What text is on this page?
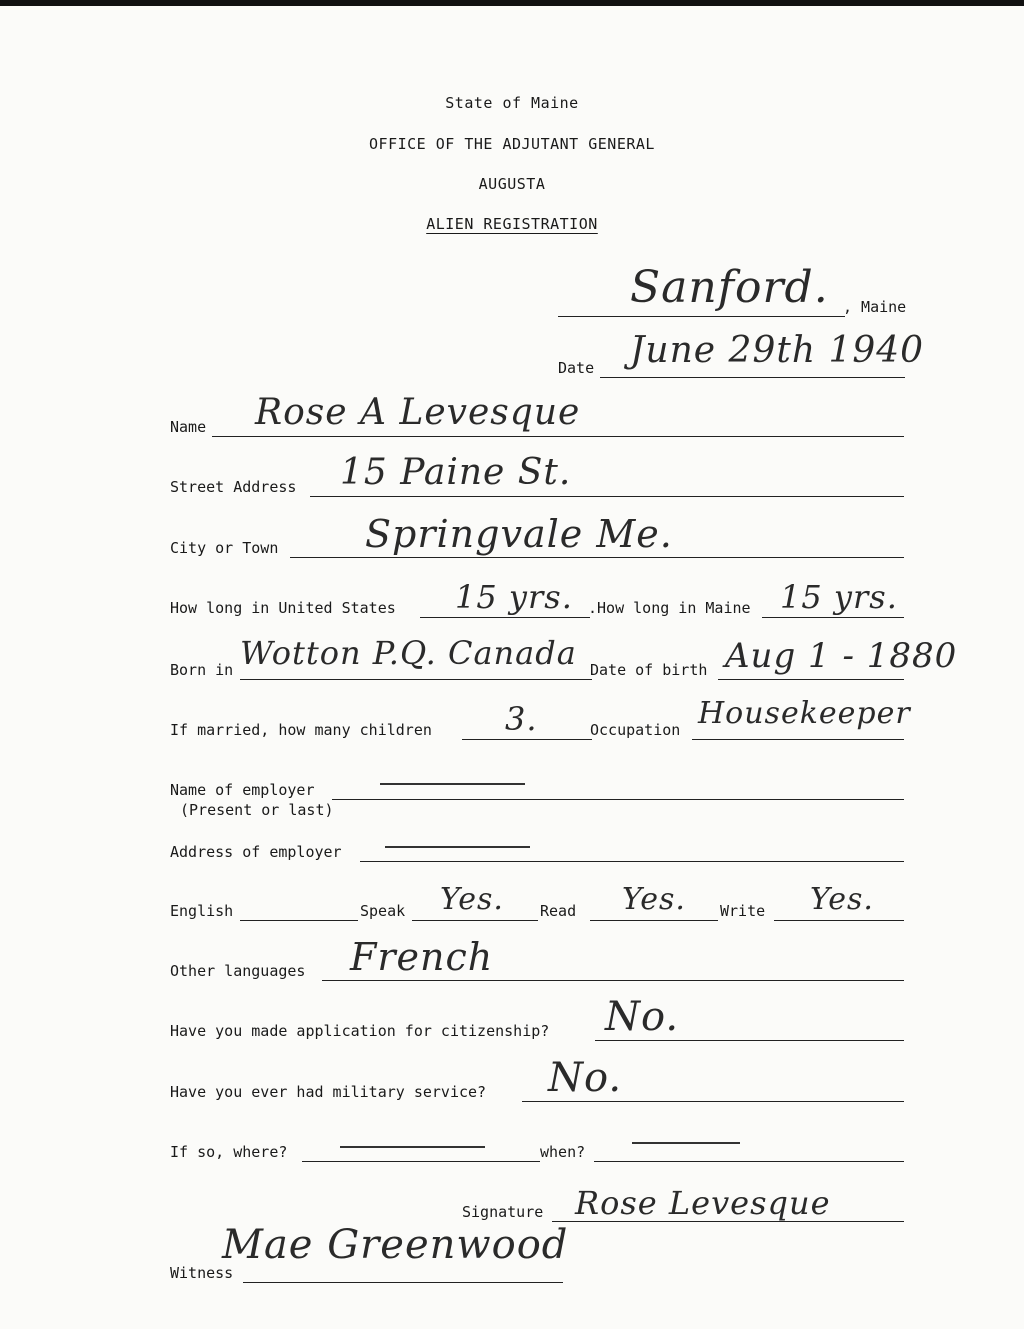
State of Maine
OFFICE OF THE ADJUTANT GENERAL
AUGUSTA
ALIEN REGISTRATION
Sanford. , Maine
Date June 29th 1940
Name Rose A Levesque
Street Address 15 Paine St.
City or Town Springvale Me.
How long in United States 15 yrs. .How long in Maine 15 yrs.
Born in Wotton P.Q. Canada Date of birth Aug 1 - 1880
If married, how many children 3.	Occupation Housekeeper
Name of employer
(Present or last)
Address of employer
English	Speak Yes. Read Yes. Write Yes.
Other languages French
Have you made application for citizenship? No.
Have you ever had military service? No.
If so, where?	when?
Signature Rose Levesque
Witness
Mae Greenwood
